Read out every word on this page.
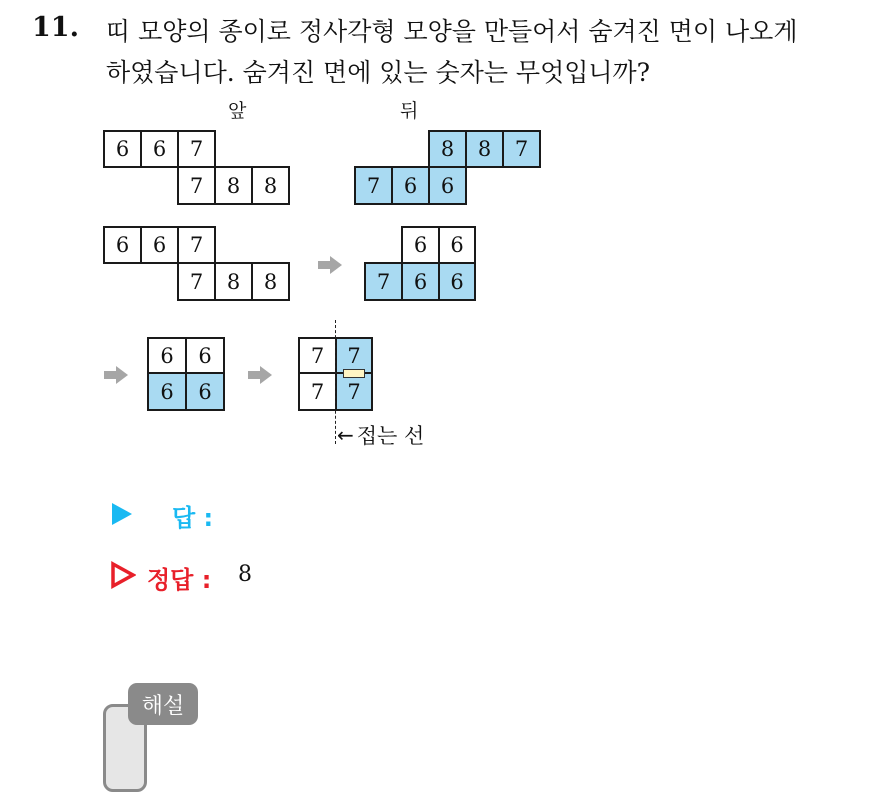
11. 띠 모양의 종이로 정사각형 모양을 만들어서 숨겨진 면이 나오게
하였습니다. 숨겨진 면에 있는 숫자는 무엇입니까?
앞	뒤
6	6	7
7	8	8
8	8	7
7	6	6
6	6	7
7	8	8
6	6
7	6	6
6	6
6	6
7	7
7	7
← 접는 선
답 :
정답 : 8
해설
